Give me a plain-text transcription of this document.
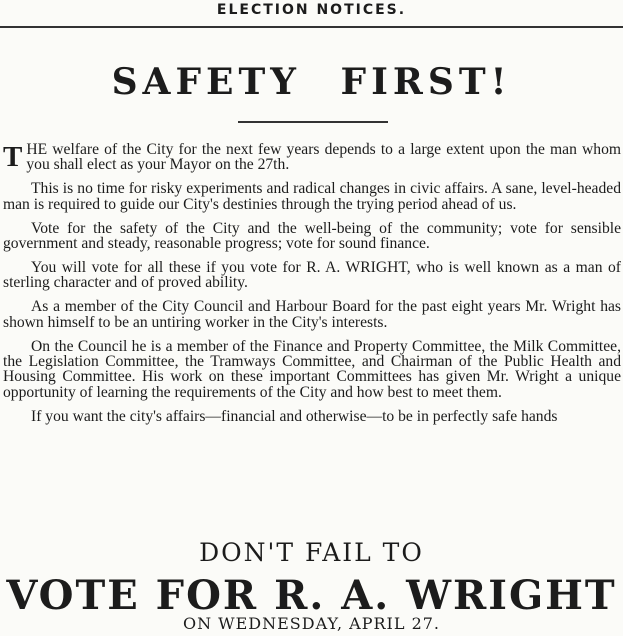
ELECTION NOTICES.
SAFETY FIRST!

THE welfare of the City for the next few years depends to a large extent upon the man whom you shall elect as your Mayor on the 27th.

This is no time for risky experiments and radical changes in civic affairs. A sane, level-headed man is required to guide our City's destinies through the trying period ahead of us.

Vote for the safety of the City and the well-being of the community; vote for sensible government and steady, reasonable progress; vote for sound finance.

You will vote for all these if you vote for R. A. WRIGHT, who is well known as a man of sterling character and of proved ability.

As a member of the City Council and Harbour Board for the past eight years Mr. Wright has shown himself to be an untiring worker in the City's interests.

On the Council he is a member of the Finance and Property Committee, the Milk Committee, the Legislation Committee, the Tramways Committee, and Chairman of the Public Health and Housing Committee. His work on these important Committees has given Mr. Wright a unique opportunity of learning the requirements of the City and how best to meet them.

If you want the city's affairs—financial and otherwise—to be in perfectly safe hands

DON'T FAIL TO
VOTE FOR R. A. WRIGHT
ON WEDNESDAY, APRIL 27.
